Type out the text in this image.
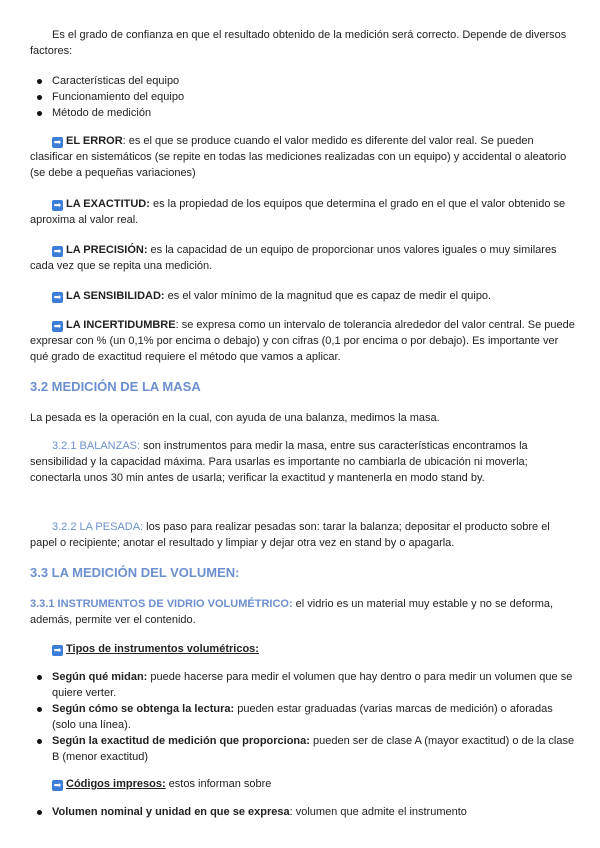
Es el grado de confianza en que el resultado obtenido de la medición será correcto. Depende de diversos factores:

Características del equipo
Funcionamiento del equipo
Método de medición

➡ EL ERROR: es el que se produce cuando el valor medido es diferente del valor real. Se pueden clasificar en sistemáticos (se repite en todas las mediciones realizadas con un equipo) y accidental o aleatorio (se debe a pequeñas variaciones)

➡ LA EXACTITUD: es la propiedad de los equipos que determina el grado en el que el valor obtenido se aproxima al valor real.

➡ LA PRECISIÓN: es la capacidad de un equipo de proporcionar unos valores iguales o muy similares cada vez que se repita una medición.

➡ LA SENSIBILIDAD: es el valor mínimo de la magnitud que es capaz de medir el quipo.

➡ LA INCERTIDUMBRE: se expresa como un intervalo de tolerancia alrededor del valor central. Se puede expresar con % (un 0,1% por encima o debajo) y con cifras (0,1 por encima o por debajo). Es importante ver qué grado de exactitud requiere el método que vamos a aplicar.

3.2 MEDICIÓN DE LA MASA

La pesada es la operación en la cual, con ayuda de una balanza, medimos la masa.

3.2.1 BALANZAS: son instrumentos para medir la masa, entre sus características encontramos la sensibilidad y la capacidad máxima. Para usarlas es importante no cambiarla de ubicación ni moverla; conectarla unos 30 min antes de usarla; verificar la exactitud y mantenerla en modo stand by.

3.2.2 LA PESADA: los paso para realizar pesadas son: tarar la balanza; depositar el producto sobre el papel o recipiente; anotar el resultado y limpiar y dejar otra vez en stand by o apagarla.

3.3 LA MEDICIÓN DEL VOLUMEN:

3.3.1 INSTRUMENTOS DE VIDRIO VOLUMÉTRICO: el vidrio es un material muy estable y no se deforma, además, permite ver el contenido.

➡ Tipos de instrumentos volumétricos:

Según qué midan: puede hacerse para medir el volumen que hay dentro o para medir un volumen que se quiere verter.
Según cómo se obtenga la lectura: pueden estar graduadas (varias marcas de medición) o aforadas (solo una línea).
Según la exactitud de medición que proporciona: pueden ser de clase A (mayor exactitud) o de la clase B (menor exactitud)

➡ Códigos impresos: estos informan sobre

Volumen nominal y unidad en que se expresa: volumen que admite el instrumento
